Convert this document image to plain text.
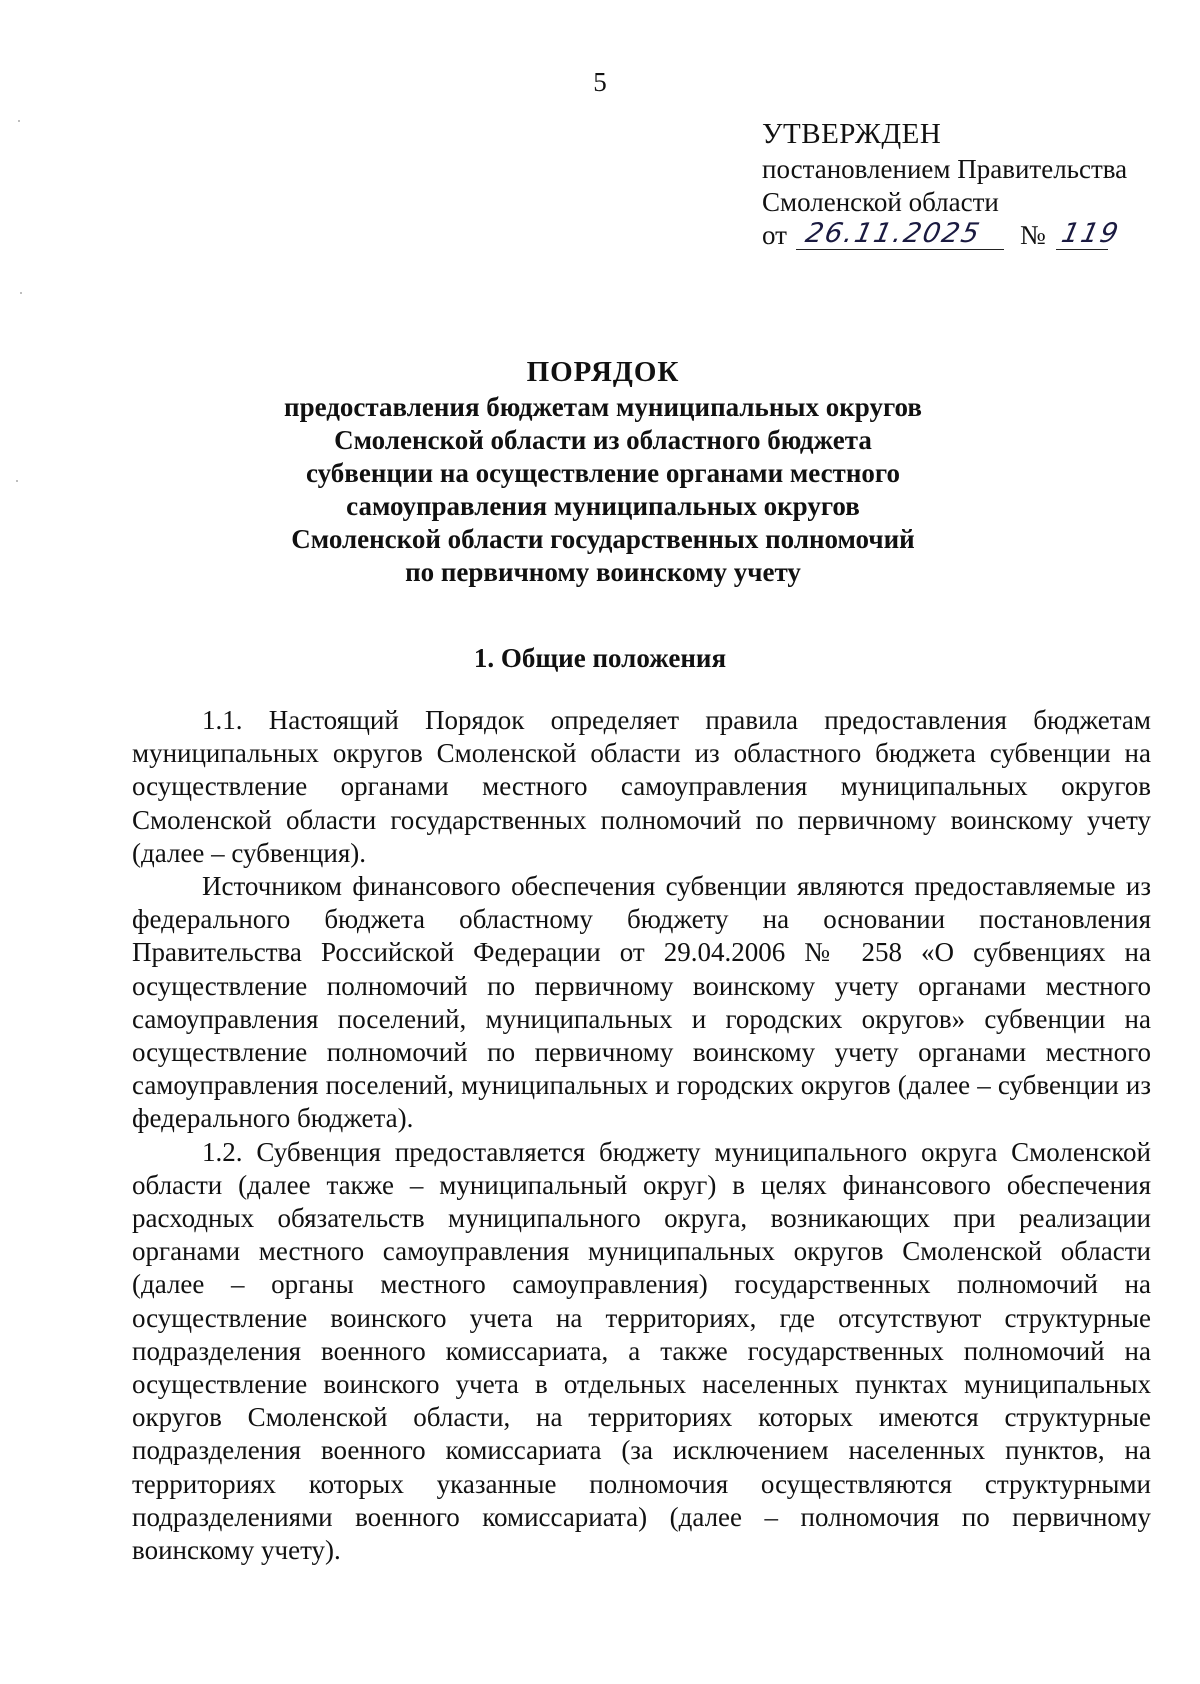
5
УТВЕРЖДЕН
постановлением Правительства
Смоленской области
от 26.11.2025 № 119
ПОРЯДОК
предоставления бюджетам муниципальных округов
Смоленской области из областного бюджета
субвенции на осуществление органами местного
самоуправления муниципальных округов
Смоленской области государственных полномочий
по первичному воинскому учету
1. Общие положения

1.1. Настоящий Порядок определяет правила предоставления бюджетам муниципальных округов Смоленской области из областного бюджета субвенции на осуществление органами местного самоуправления муниципальных округов Смоленской области государственных полномочий по первичному воинскому учету (далее – субвенция).

Источником финансового обеспечения субвенции являются предоставляемые из федерального бюджета областному бюджету на основании постановления Правительства Российской Федерации от 29.04.2006 № 258 «О субвенциях на осуществление полномочий по первичному воинскому учету органами местного самоуправления поселений, муниципальных и городских округов» субвенции на осуществление полномочий по первичному воинскому учету органами местного самоуправления поселений, муниципальных и городских округов (далее – субвенции из федерального бюджета).

1.2. Субвенция предоставляется бюджету муниципального округа Смоленской области (далее также – муниципальный округ) в целях финансового обеспечения расходных обязательств муниципального округа, возникающих при реализации органами местного самоуправления муниципальных округов Смоленской области (далее – органы местного самоуправления) государственных полномочий на осуществление воинского учета на территориях, где отсутствуют структурные подразделения военного комиссариата, а также государственных полномочий на осуществление воинского учета в отдельных населенных пунктах муниципальных округов Смоленской области, на территориях которых имеются структурные подразделения военного комиссариата (за исключением населенных пунктов, на территориях которых указанные полномочия осуществляются структурными подразделениями военного комиссариата) (далее – полномочия по первичному воинскому учету).
